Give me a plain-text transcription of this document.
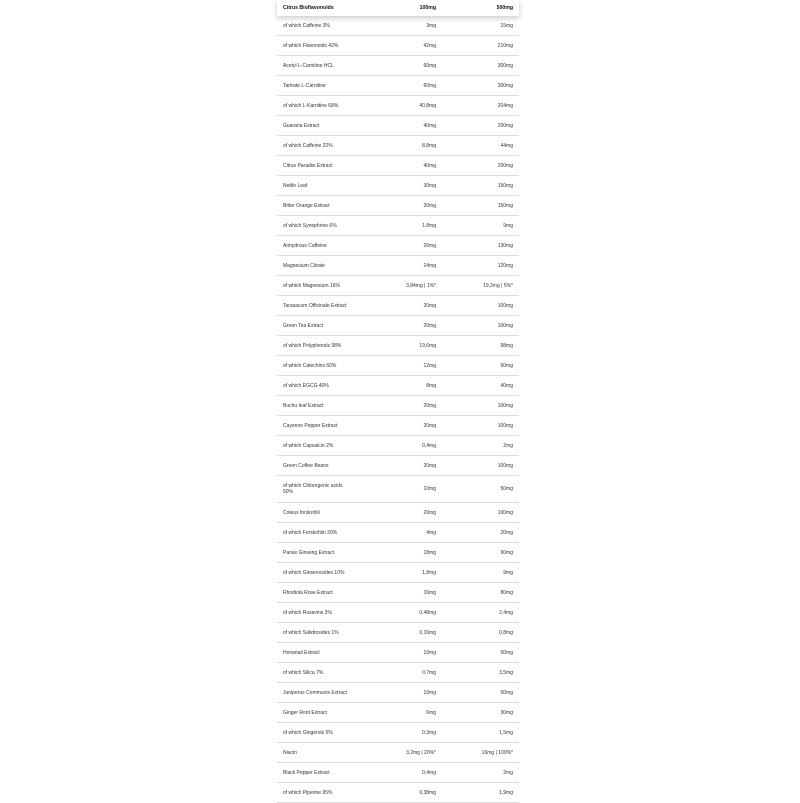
Citrus Bioflavonoids	100mg	500mg
of which Caffeine 3%	3mg	15mg
of which Flavonoids 42%	42mg	210mg
Acetyl L-Carnitine HCL	60mg	300mg
Tartrate L-Carnitine	60mg	300mg
of which L-Karnitine 68%	40,8mg	204mg
Guarana Extract	40mg	200mg
of which Caffeine 22%	8,8mg	44mg
Citrus Paradisi Extract	40mg	200mg
Nettle Leaf	30mg	150mg
Bitter Orange Extract	30mg	150mg
of which Synephrine 6%	1,8mg	9mg
Anhydrous Caffeine	26mg	130mg
Magnesium Citrate	24mg	120mg
of which Magnesium 16%	3,84mg | 1%*	19,2mg | 5%*
Taraxacum Officinale Extract	20mg	100mg
Green Tea Extract	20mg	100mg
of which Polyphenols 98%	19,6mg	98mg
of which Catechins 60%	12mg	60mg
of which EGCG 40%	8mg	40mg
Buchu leaf Extract	20mg	100mg
Cayenne Pepper Extract	20mg	100mg
of which Capsaicin 2%	0,4mg	2mg
Green Coffee Beans	20mg	100mg
of which Chlorogenic acids 50%	10mg	50mg
Coleus forskohlii	20mg	100mg
of which Forskohlin 20%	4mg	20mg
Panax Ginseng Extract	18mg	90mg
of which Ginsenosides 10%	1,8mg	9mg
Rhodiola Rose Extract	16mg	80mg
of which Rosavins 3%	0,48mg	2,4mg
of which Salidrosides 1%	0,16mg	0,8mg
Horsetail Extract	10mg	50mg
of which Silica 7%	0,7mg	3,5mg
Juniperus Communis Extract	10mg	50mg
Ginger Root Extract	6mg	30mg
of which Gingerols 5%	0,3mg	1,5mg
Niacin	3,2mg | 20%*	16mg | 100%*
Black Pepper Extract	0,4mg	2mg
of which Piperine 95%	0,38mg	1,9mg
